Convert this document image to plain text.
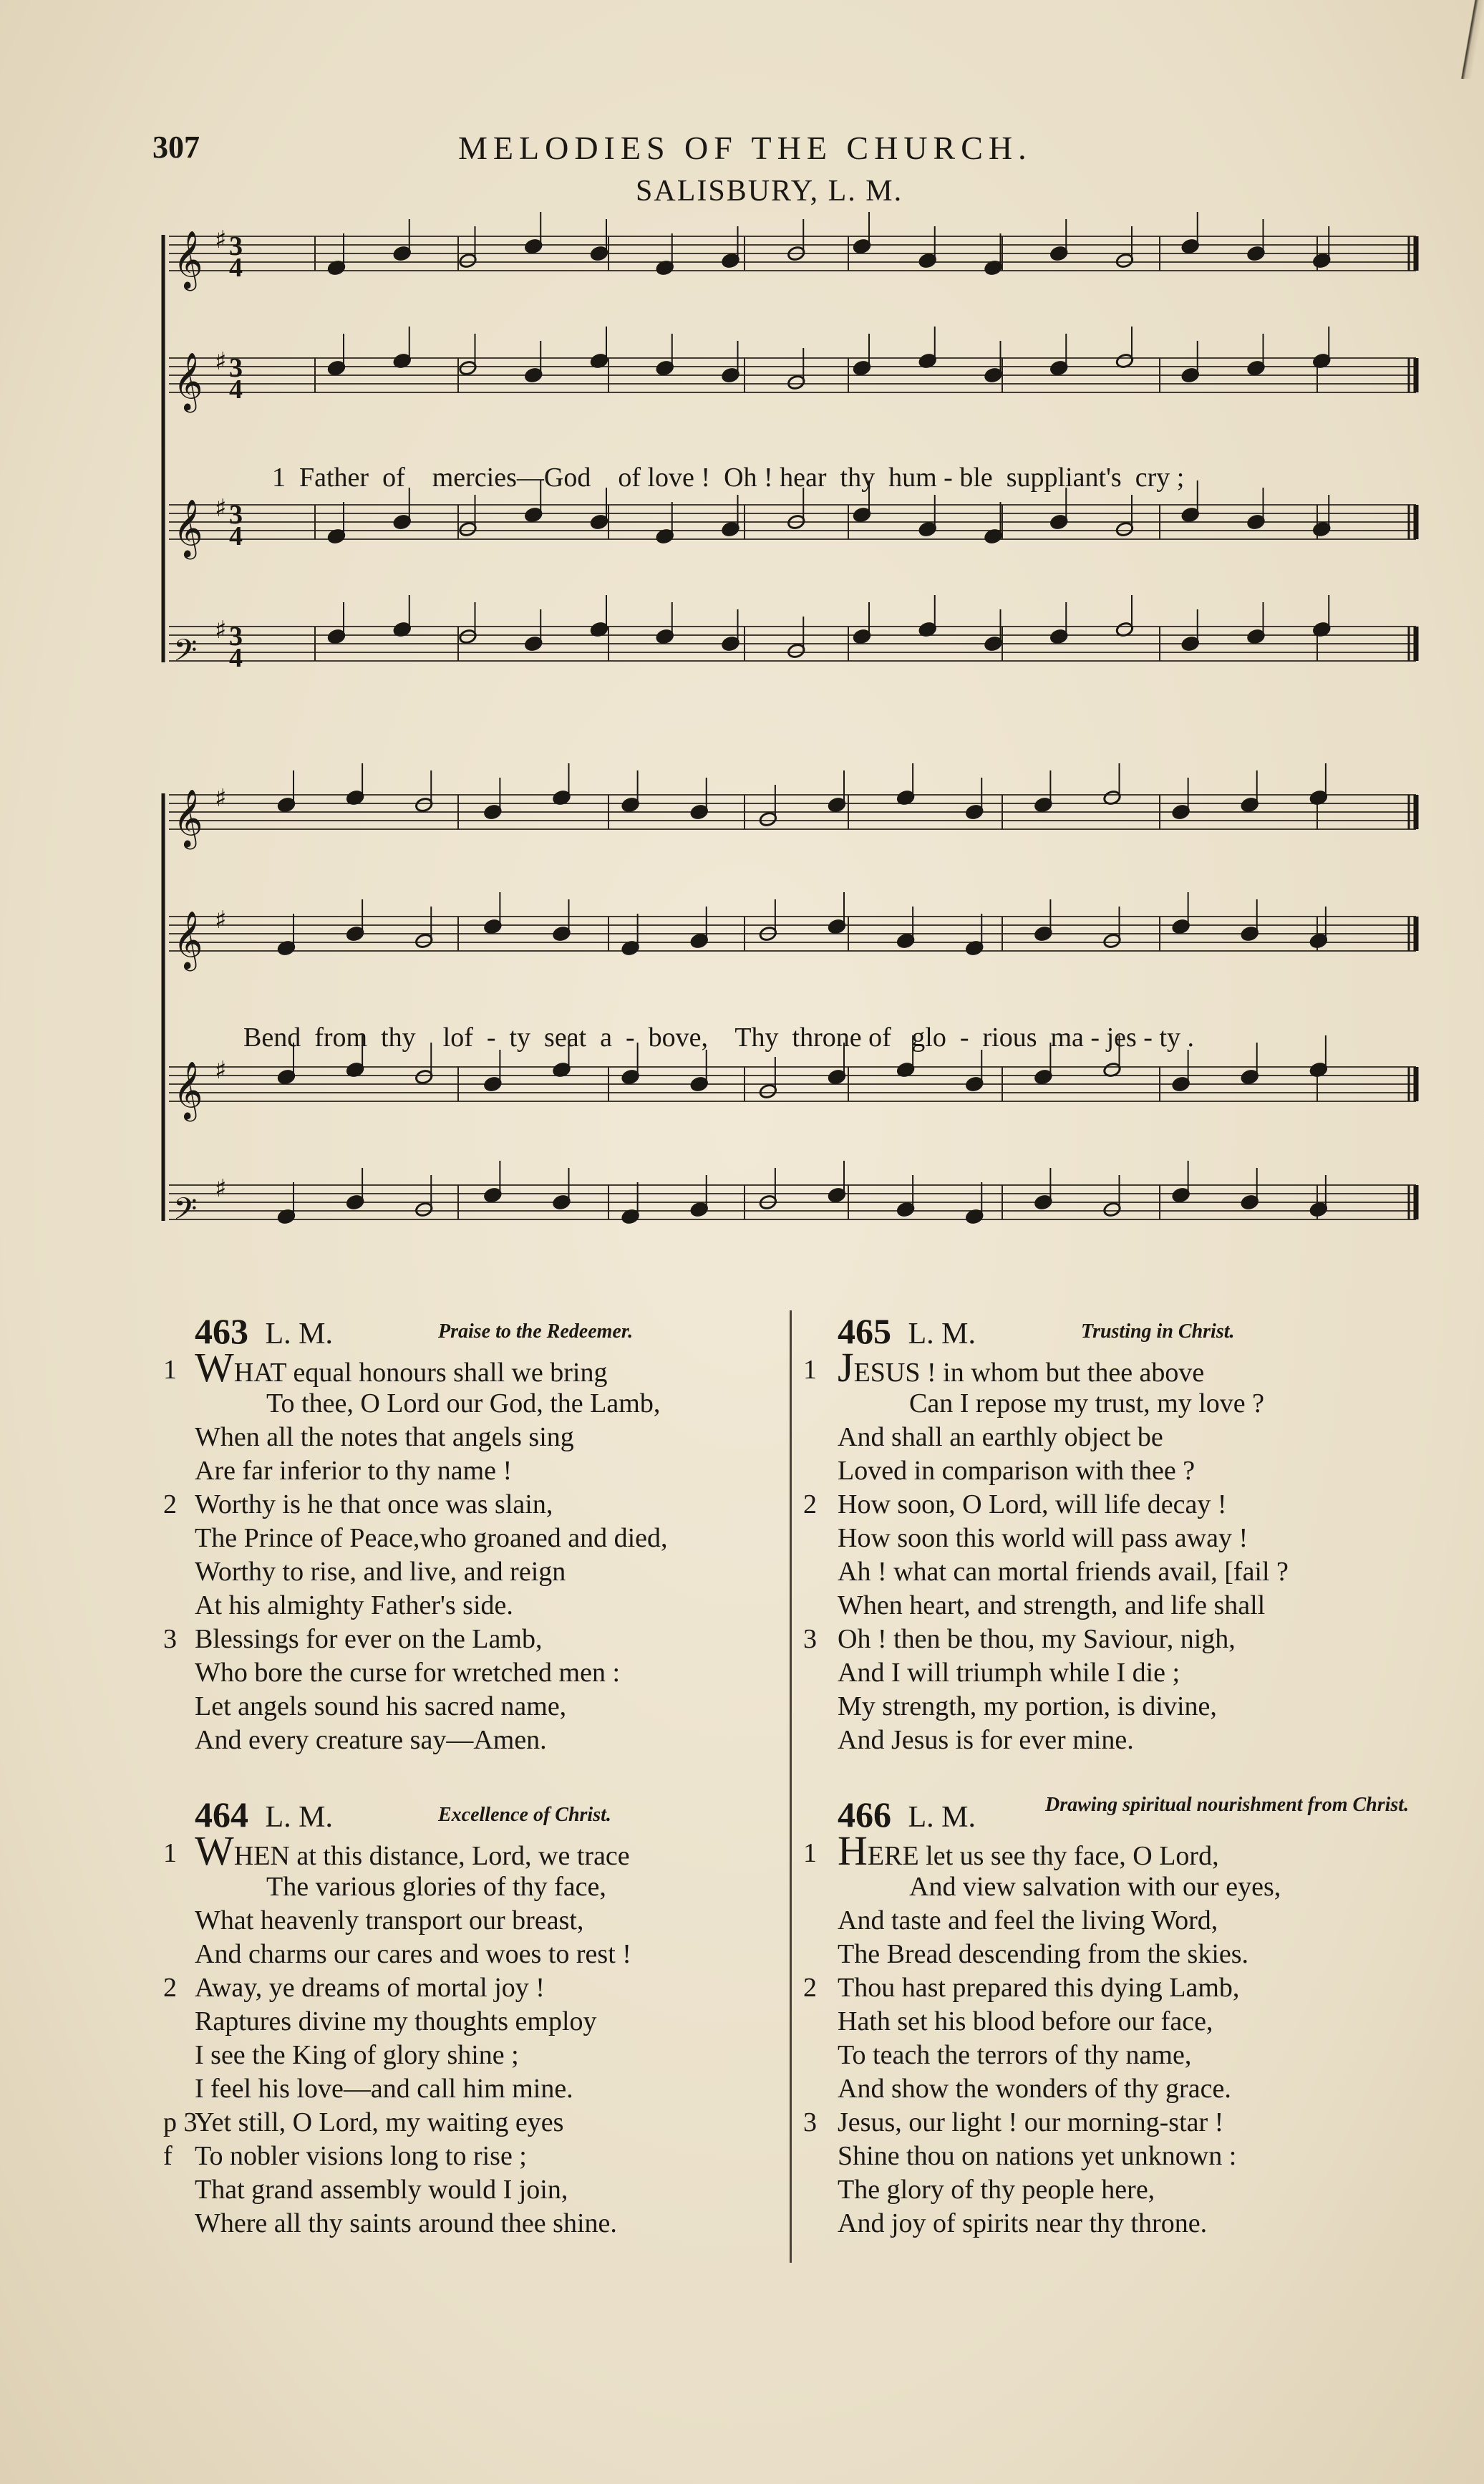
307	MELODIES OF THE CHURCH.
SALISBURY, L. M.
𝄞 ♯ 3
4
𝄞 ♯ 3
4
𝄞 ♯ 3
4
𝄢
♯ 3
4
𝄞 ♯
𝄞 ♯
𝄞 ♯
𝄢
♯
1  Father  of    mercies—God    of love !  Oh ! hear  thy  hum - ble  suppliant's  cry ;
Bend  from  thy    lof  -  ty  seat  a  -  bove,    Thy  throne of   glo  -  rious  ma - jes - ty .
463 L. M.	Praise to the Redeemer.
1 WHAT equal honours shall we bring
To thee, O Lord our God, the Lamb,
When all the notes that angels sing
Are far inferior to thy name !
2 Worthy is he that once was slain,
The Prince of Peace,who groaned and died,
Worthy to rise, and live, and reign
At his almighty Father's side.
3 Blessings for ever on the Lamb,
Who bore the curse for wretched men :
Let angels sound his sacred name,
And every creature say—Amen.
464 L. M.	Excellence of Christ.
1 WHEN at this distance, Lord, we trace
The various glories of thy face,
What heavenly transport our breast,
And charms our cares and woes to rest !
2 Away, ye dreams of mortal joy !
Raptures divine my thoughts employ
I see the King of glory shine ;
I feel his love—and call him mine.
p 3
Yet still, O Lord, my waiting eyes
f To nobler visions long to rise ;
That grand assembly would I join,
Where all thy saints around thee shine.
465 L. M.	Trusting in Christ.
1 JESUS ! in whom but thee above
Can I repose my trust, my love ?
And shall an earthly object be
Loved in comparison with thee ?
2 How soon, O Lord, will life decay !
How soon this world will pass away !
Ah ! what can mortal friends avail, [fail ?
When heart, and strength, and life shall
3 Oh ! then be thou, my Saviour, nigh,
And I will triumph while I die ;
My strength, my portion, is divine,
And Jesus is for ever mine.
466 L. M.	Drawing spiritual nourishment from Christ.
1 HERE let us see thy face, O Lord,
And view salvation with our eyes,
And taste and feel the living Word,
The Bread descending from the skies.
2 Thou hast prepared this dying Lamb,
Hath set his blood before our face,
To teach the terrors of thy name,
And show the wonders of thy grace.
3 Jesus, our light ! our morning-star !
Shine thou on nations yet unknown :
The glory of thy people here,
And joy of spirits near thy throne.
